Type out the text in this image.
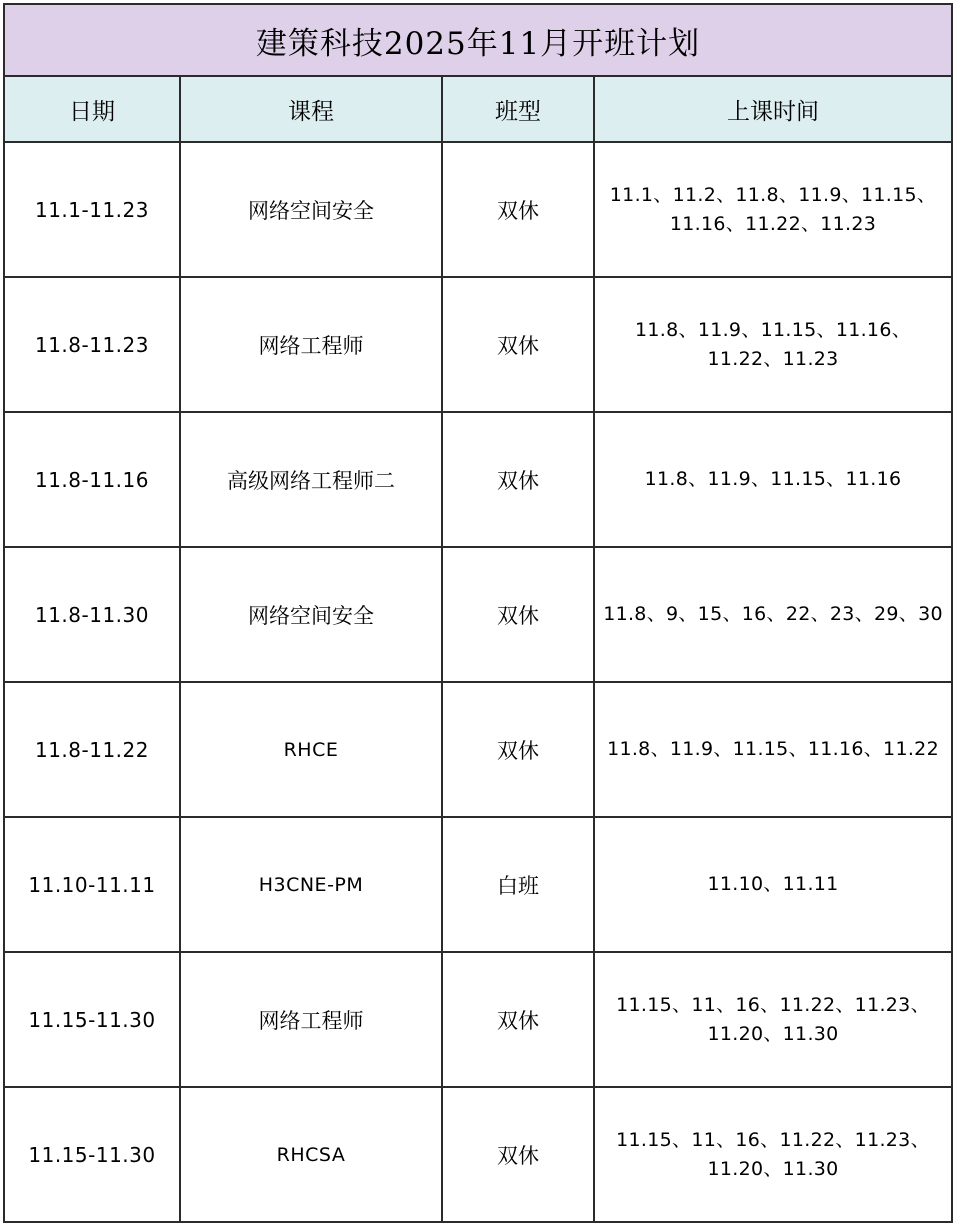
建策科技2025年11月开班计划			
日期	课程	班型	上课时间
11.1-11.23	网络空间安全	双休	11.1、11.2、11.8、11.9、11.15、11.16、11.22、11.23
11.8-11.23	网络工程师	双休	11.8、11.9、11.15、11.16、11.22、11.23
11.8-11.16	高级网络工程师二	双休	11.8、11.9、11.15、11.16
11.8-11.30	网络空间安全	双休	11.8、9、15、16、22、23、29、30
11.8-11.22	RHCE	双休	11.8、11.9、11.15、11.16、11.22
11.10-11.11	H3CNE-PM	白班	11.10、11.11
11.15-11.30	网络工程师	双休	11.15、11、16、11.22、11.23、11.20、11.30
11.15-11.30	RHCSA	双休	11.15、11、16、11.22、11.23、11.20、11.30
